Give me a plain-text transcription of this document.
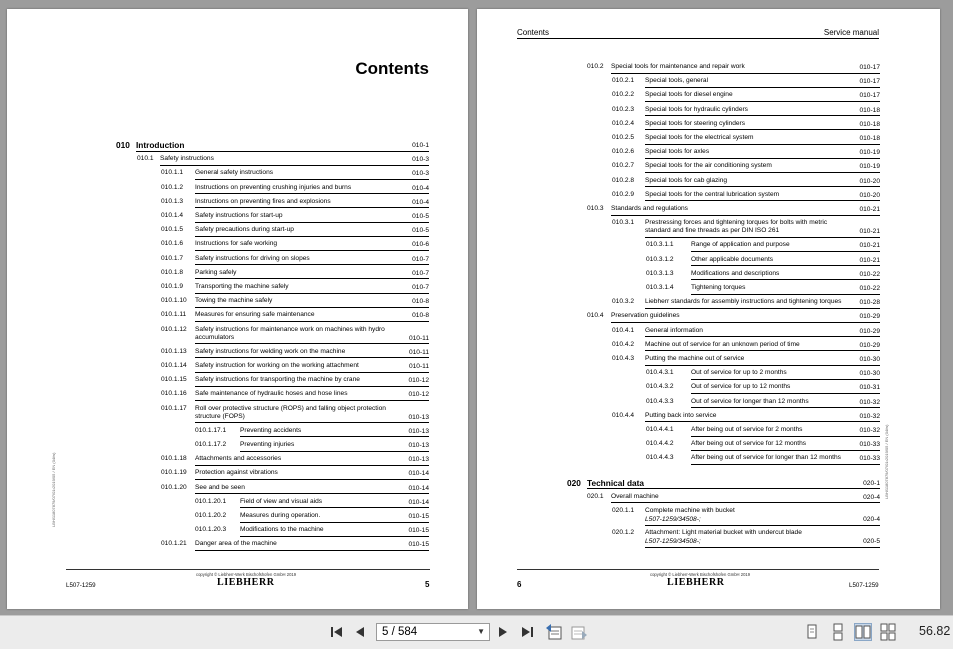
Contents
010 Introduction	010-1
010.1 Safety instructions	010-3
010.1.1 General safety instructions	010-3
010.1.2 Instructions on preventing crushing injuries and burns	010-4
010.1.3 Instructions on preventing fires and explosions	010-4
010.1.4 Safety instructions for start-up	010-5
010.1.5 Safety precautions during start-up	010-5
010.1.6 Instructions for safe working	010-6
010.1.7 Safety instructions for driving on slopes	010-7
010.1.8 Parking safely	010-7
010.1.9 Transporting the machine safely	010-7
010.1.10 Towing the machine safely	010-8
010.1.11 Measures for ensuring safe maintenance	010-8
010.1.12 Safety instructions for maintenance work on machines with hydro accumulators	010-11
010.1.13 Safety instructions for welding work on the machine	010-11
010.1.14 Safety instruction for working on the working attachment	010-11
010.1.15 Safety instructions for transporting the machine by crane	010-12
010.1.16 Safe maintenance of hydraulic hoses and hose lines	010-12
010.1.17 Roll over protective structure (ROPS) and falling object protection structure (FOPS)	010-13
010.1.17.1 Preventing accidents	010-13
010.1.17.2 Preventing injuries	010-13
010.1.18 Attachments and accessories	010-13
010.1.19 Protection against vibrations	010-14
010.1.20 See and be seen	010-14
010.1.20.1 Field of view and visual aids	010-14
010.1.20.2 Measures during operation.	010-15
010.1.20.3 Modifications to the machine	010-15
010.1.21 Danger area of the machine	010-15
LBH/11807879/07/01•2019/05 / EN (04/w)
copyright © Liebherr-Werk Bischofshofen GmbH 2019
LIEBHERR
L507-1259	5
Contents	Service manual
010.2 Special tools for maintenance and repair work	010-17
010.2.1 Special tools, general	010-17
010.2.2 Special tools for diesel engine	010-17
010.2.3 Special tools for hydraulic cylinders	010-18
010.2.4 Special tools for steering cylinders	010-18
010.2.5 Special tools for the electrical system	010-18
010.2.6 Special tools for axles	010-19
010.2.7 Special tools for the air conditioning system	010-19
010.2.8 Special tools for cab glazing	010-20
010.2.9 Special tools for the central lubrication system	010-20
010.3 Standards and regulations	010-21
010.3.1 Prestressing forces and tightening torques for bolts with metric standard and fine threads as per DIN ISO 261	010-21
010.3.1.1	Range of application and purpose	010-21
010.3.1.2	Other applicable documents	010-21
010.3.1.3	Modifications and descriptions	010-22
010.3.1.4	Tightening torques	010-22
010.3.2 Liebherr standards for assembly instructions and tightening torques	010-28
010.4 Preservation guidelines	010-29
010.4.1 General information	010-29
010.4.2 Machine out of service for an unknown period of time	010-29
010.4.3 Putting the machine out of service	010-30
010.4.3.1	Out of service for up to 2 months	010-30
010.4.3.2	Out of service for up to 12 months	010-31
010.4.3.3	Out of service for longer than 12 months	010-32
010.4.4 Putting back into service	010-32
010.4.4.1	After being out of service for 2 months	010-32
010.4.4.2	After being out of service for 12 months	010-33
010.4.4.3	After being out of service for longer than 12 months	010-33
020 Technical data	020-1
020.1 Overall machine	020-4
020.1.1 Complete machine with bucket
L507-1259/34508-;	020-4
020.1.2 Attachment: Light material bucket with undercut blade
L507-1259/34508-;	020-5
LBH/11807879/07/01•2019/05 / EN (04/w)
copyright © Liebherr-Werk Bischofshofen GmbH 2019
LIEBHERR
6	L507-1259
5 / 584	▼	56.82
